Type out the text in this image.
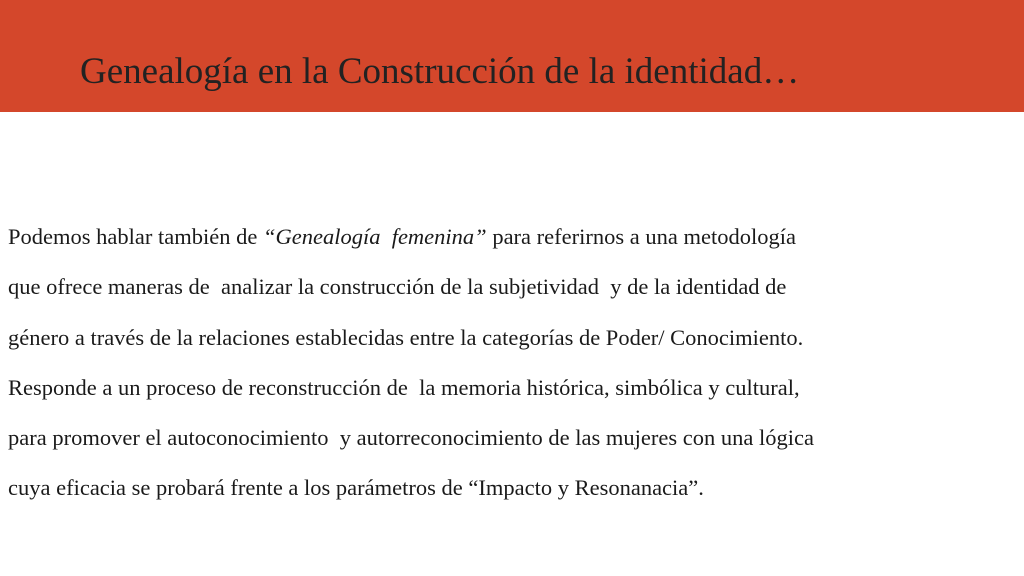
Genealogía en la Construcción de la identidad…

Podemos hablar también de “Genealogía  femenina” para referirnos a una metodología
que ofrece maneras de  analizar la construcción de la subjetividad  y de la identidad de
género a través de la relaciones establecidas entre la categorías de Poder/ Conocimiento.
Responde a un proceso de reconstrucción de  la memoria histórica, simbólica y cultural,
para promover el autoconocimiento  y autorreconocimiento de las mujeres con una lógica
cuya eficacia se probará frente a los parámetros de “Impacto y Resonanacia”.
